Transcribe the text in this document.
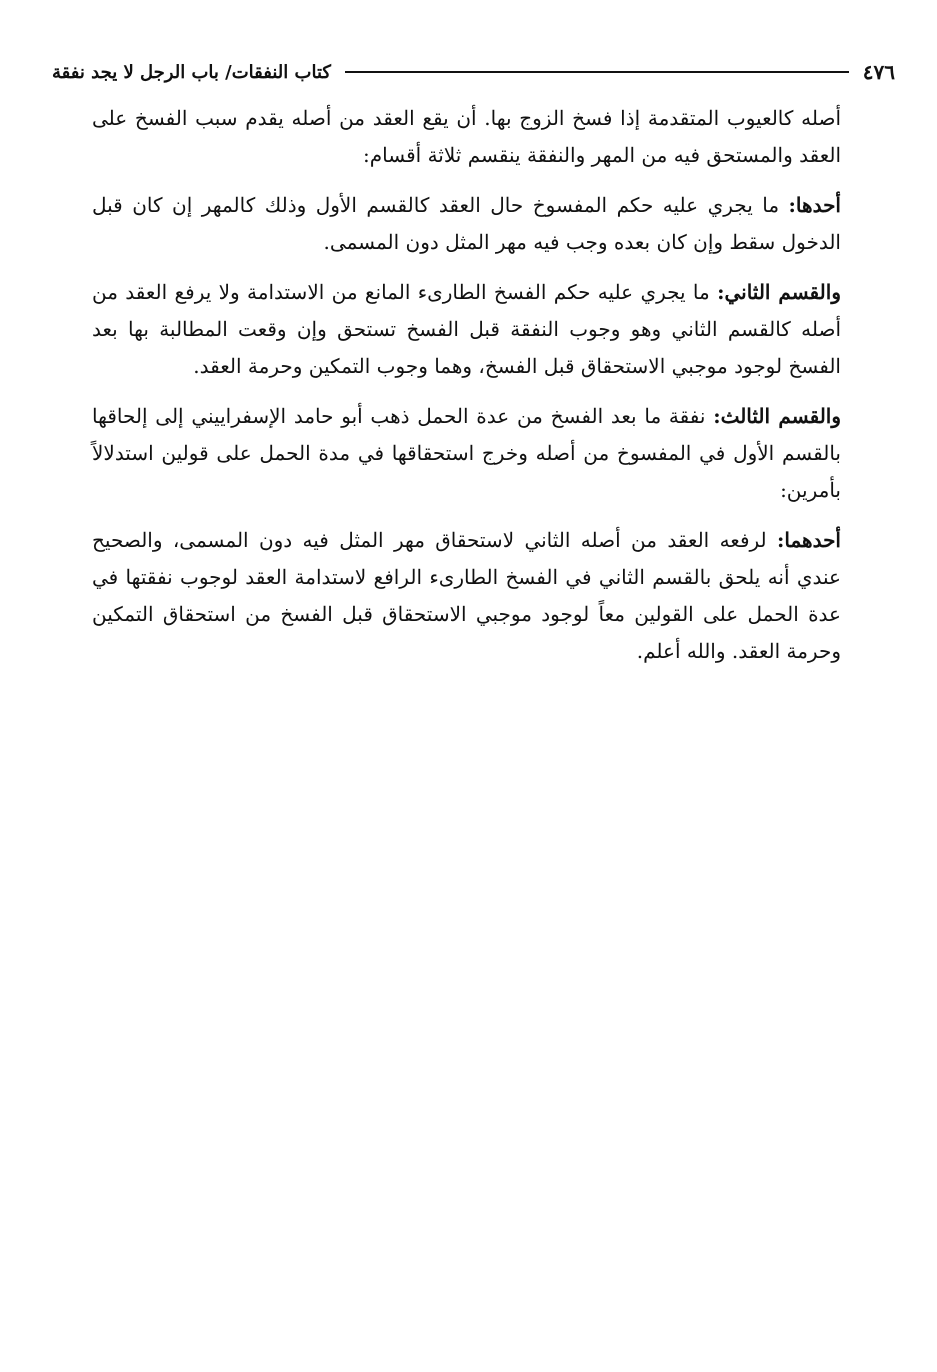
٤٧٦
كتاب النفقات/ باب الرجل لا يجد نفقة

أصله كالعيوب المتقدمة إذا فسخ الزوج بها. أن يقع العقد من أصله يقدم سبب الفسخ على العقد والمستحق فيه من المهر والنفقة ينقسم ثلاثة أقسام:

أحدها: ما يجري عليه حكم المفسوخ حال العقد كالقسم الأول وذلك كالمهر إن كان قبل الدخول سقط وإن كان بعده وجب فيه مهر المثل دون المسمى.

والقسم الثاني: ما يجري عليه حكم الفسخ الطارىء المانع من الاستدامة ولا يرفع العقد من أصله كالقسم الثاني وهو وجوب النفقة قبل الفسخ تستحق وإن وقعت المطالبة بها بعد الفسخ لوجود موجبي الاستحقاق قبل الفسخ، وهما وجوب التمكين وحرمة العقد.

والقسم الثالث: نفقة ما بعد الفسخ من عدة الحمل ذهب أبو حامد الإسفراييني إلى إلحاقها بالقسم الأول في المفسوخ من أصله وخرج استحقاقها في مدة الحمل على قولين استدلالاً بأمرين:

أحدهما: لرفعه العقد من أصله الثاني لاستحقاق مهر المثل فيه دون المسمى، والصحيح عندي أنه يلحق بالقسم الثاني في الفسخ الطارىء الرافع لاستدامة العقد لوجوب نفقتها في عدة الحمل على القولين معاً لوجود موجبي الاستحقاق قبل الفسخ من استحقاق التمكين وحرمة العقد. والله أعلم.
